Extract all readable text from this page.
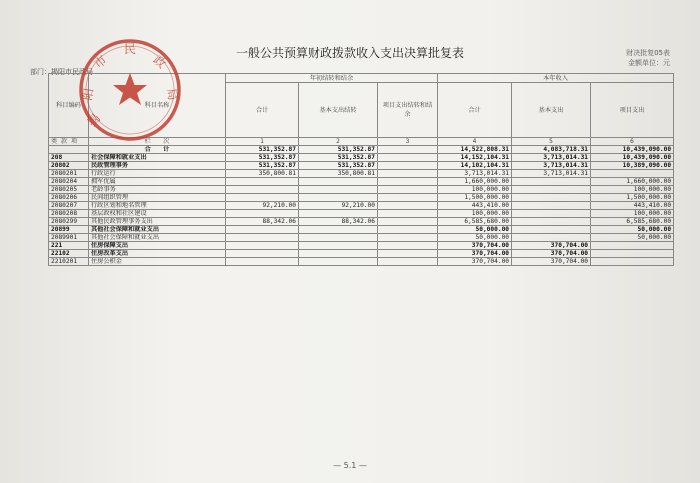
一般公共预算财政拨款收入支出决算批复表	财决批复05表
金额单位：元
部门：揭阳市民政局
科目编码	科目名称	年初结转和结余			本年收入		
		合计	基本支出结转	项目支出结转和结余	合计	基本支出	项目支出
类 款 项	栏　　次	1	2	3	4	5	6
	合　　计	531,352.87	531,352.87		14,522,808.31	4,083,718.31	10,439,090.00
208	社会保障和就业支出	531,352.87	531,352.87		14,152,104.31	3,713,014.31	10,439,090.00
20802	民政管理事务	531,352.87	531,352.87		14,102,104.31	3,713,014.31	10,389,090.00
2080201	行政运行	350,800.81	350,800.81		3,713,014.31	3,713,014.31	
2080204	拥军优属				1,660,000.00		1,660,000.00
2080205	老龄事务				100,000.00		100,000.00
2080206	民间组织管理				1,500,000.00		1,500,000.00
2080207	行政区划和地名管理	92,210.00	92,210.00		443,410.00		443,410.00
2080208	基层政权和社区建设				100,000.00		100,000.00
2080299	其他民政管理事务支出	88,342.06	88,342.06		6,585,680.00		6,585,680.00
20899	其他社会保障和就业支出				50,000.00		50,000.00
2089901	其他社会保障和就业支出				50,000.00		50,000.00
221	住房保障支出				370,704.00	370,704.00	
22102	住房改革支出				370,704.00	370,704.00	
2210201	住房公积金				370,704.00	370,704.00	
揭
阳
市
民
政
局
— 5.1 —
